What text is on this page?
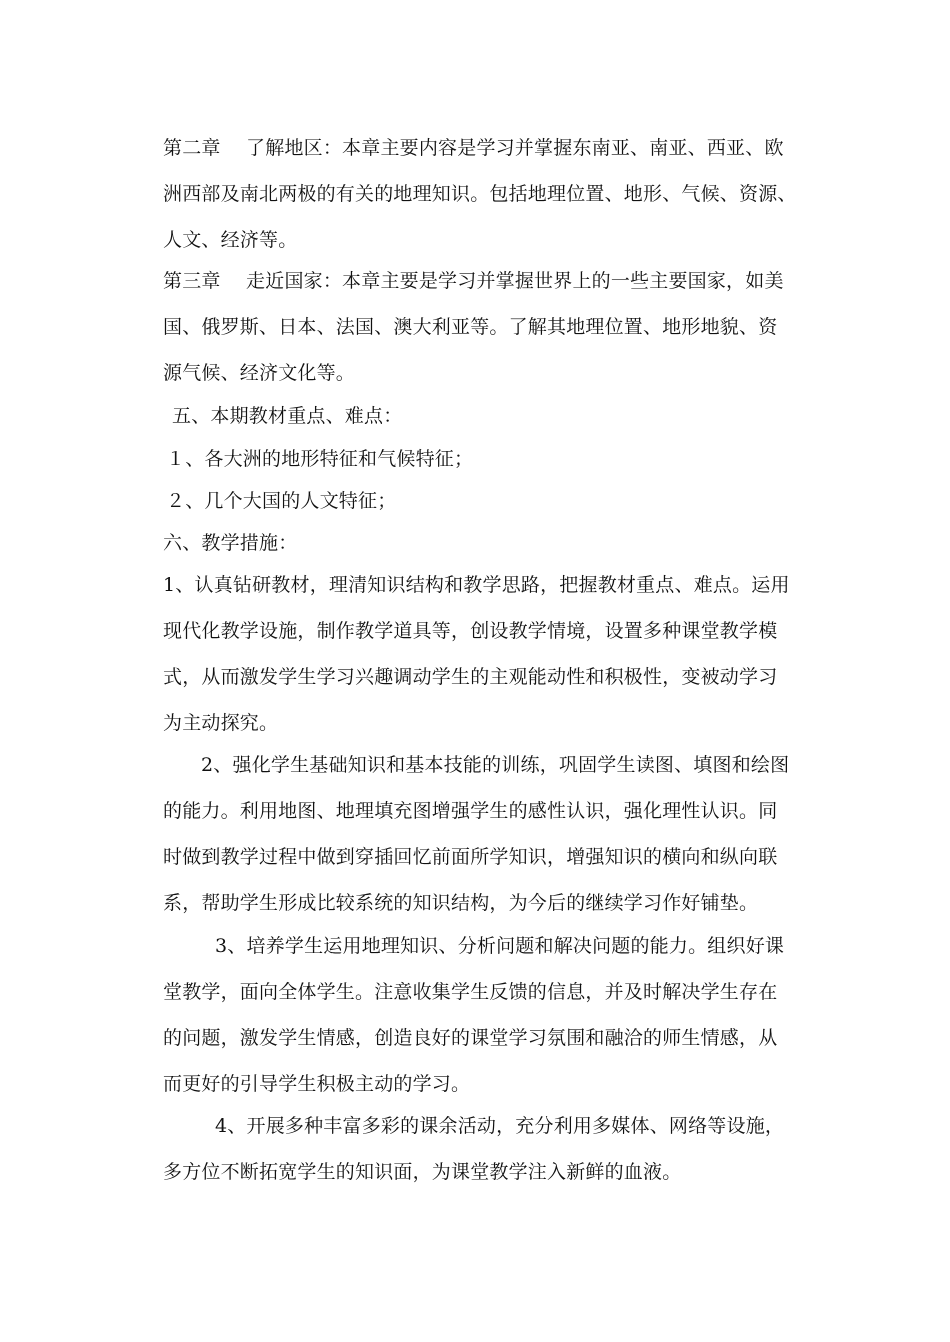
第二章　 了解地区：本章主要内容是学习并掌握东南亚、南亚、西亚、欧

洲西部及南北两极的有关的地理知识。包括地理位置、地形、气候、资源、

人文、经济等。

第三章　 走近国家：本章主要是学习并掌握世界上的一些主要国家，如美

国、俄罗斯、日本、法国、澳大利亚等。了解其地理位置、地形地貌、资

源气候、经济文化等。

五、本期教材重点、难点：

１、各大洲的地形特征和气候特征；

２、几个大国的人文特征；

六、教学措施：

1、认真钻研教材，理清知识结构和教学思路，把握教材重点、难点。运用

现代化教学设施，制作教学道具等，创设教学情境，设置多种课堂教学模

式，从而激发学生学习兴趣调动学生的主观能动性和积极性，变被动学习

为主动探究。

2、强化学生基础知识和基本技能的训练，巩固学生读图、填图和绘图

的能力。利用地图、地理填充图增强学生的感性认识，强化理性认识。同

时做到教学过程中做到穿插回忆前面所学知识，增强知识的横向和纵向联

系，帮助学生形成比较系统的知识结构，为今后的继续学习作好铺垫。

3、培养学生运用地理知识、分析问题和解决问题的能力。组织好课

堂教学，面向全体学生。注意收集学生反馈的信息，并及时解决学生存在

的问题，激发学生情感，创造良好的课堂学习氛围和融洽的师生情感，从

而更好的引导学生积极主动的学习。

4、开展多种丰富多彩的课余活动，充分利用多媒体、网络等设施，

多方位不断拓宽学生的知识面，为课堂教学注入新鲜的血液。
